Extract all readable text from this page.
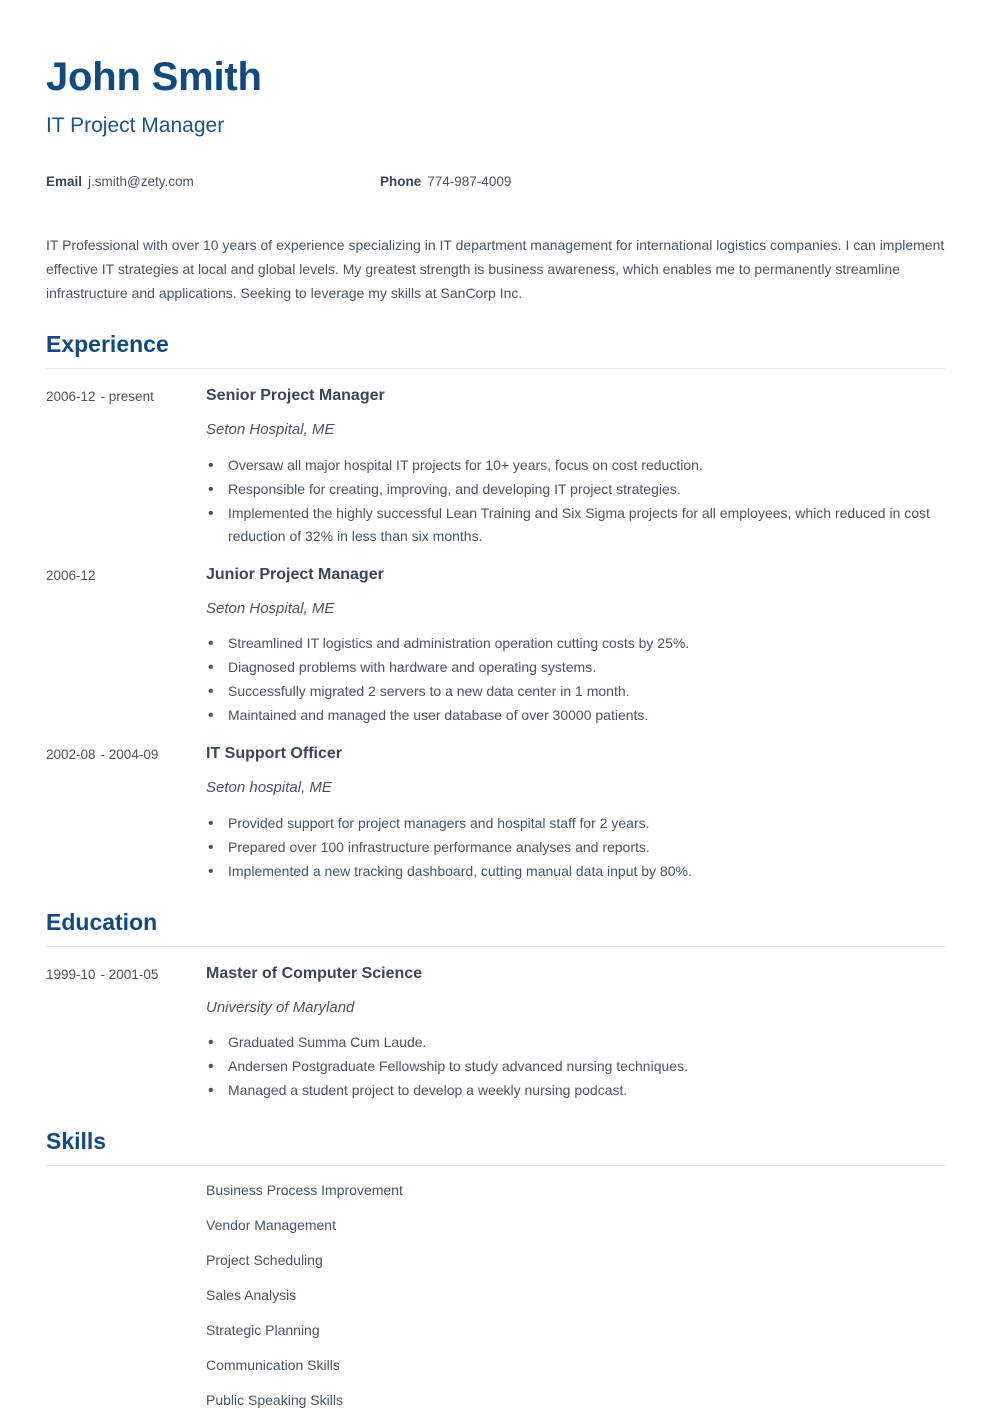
John Smith
IT Project Manager
Email j.smith@zety.com	Phone 774-987-4009

IT Professional with over 10 years of experience specializing in IT department management for international logistics companies. I can implement effective IT strategies at local and global levels. My greatest strength is business awareness, which enables me to permanently streamline infrastructure and applications. Seeking to leverage my skills at SanCorp Inc.

Experience
2006-12 - present	Senior Project Manager
Seton Hospital, ME
• Oversaw all major hospital IT projects for 10+ years, focus on cost reduction.
• Responsible for creating, improving, and developing IT project strategies.
• Implemented the highly successful Lean Training and Six Sigma projects for all employees, which reduced in cost reduction of 32% in less than six months.
2006-12	Junior Project Manager
Seton Hospital, ME
• Streamlined IT logistics and administration operation cutting costs by 25%.
• Diagnosed problems with hardware and operating systems.
• Successfully migrated 2 servers to a new data center in 1 month.
• Maintained and managed the user database of over 30000 patients.
2002-08 - 2004-09	IT Support Officer
Seton hospital, ME
• Provided support for project managers and hospital staff for 2 years.
• Prepared over 100 infrastructure performance analyses and reports.
• Implemented a new tracking dashboard, cutting manual data input by 80%.
Education
1999-10 - 2001-05	Master of Computer Science
University of Maryland
• Graduated Summa Cum Laude.
• Andersen Postgraduate Fellowship to study advanced nursing techniques.
• Managed a student project to develop a weekly nursing podcast.
Skills
Business Process Improvement
Vendor Management
Project Scheduling
Sales Analysis
Strategic Planning
Communication Skills
Public Speaking Skills
